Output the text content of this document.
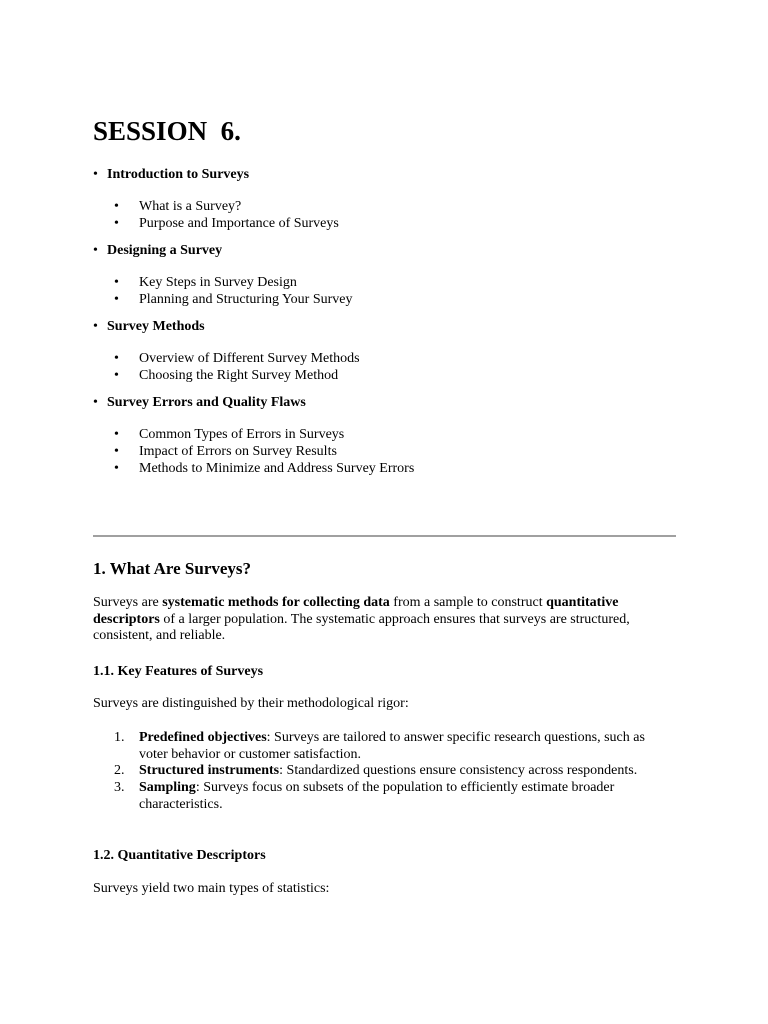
SESSION  6.
• Introduction to Surveys
• What is a Survey?
• Purpose and Importance of Surveys
• Designing a Survey
• Key Steps in Survey Design
• Planning and Structuring Your Survey
• Survey Methods
• Overview of Different Survey Methods
• Choosing the Right Survey Method
• Survey Errors and Quality Flaws
• Common Types of Errors in Surveys
• Impact of Errors on Survey Results
• Methods to Minimize and Address Survey Errors
1. What Are Surveys?

Surveys are systematic methods for collecting data from a sample to construct quantitative descriptors of a larger population. The systematic approach ensures that surveys are structured, consistent, and reliable.

1.1. Key Features of Surveys

Surveys are distinguished by their methodological rigor:

1. Predefined objectives: Surveys are tailored to answer specific research questions, such as voter behavior or customer satisfaction.
2. Structured instruments: Standardized questions ensure consistency across respondents.
3. Sampling: Surveys focus on subsets of the population to efficiently estimate broader characteristics.
1.2. Quantitative Descriptors

Surveys yield two main types of statistics:
